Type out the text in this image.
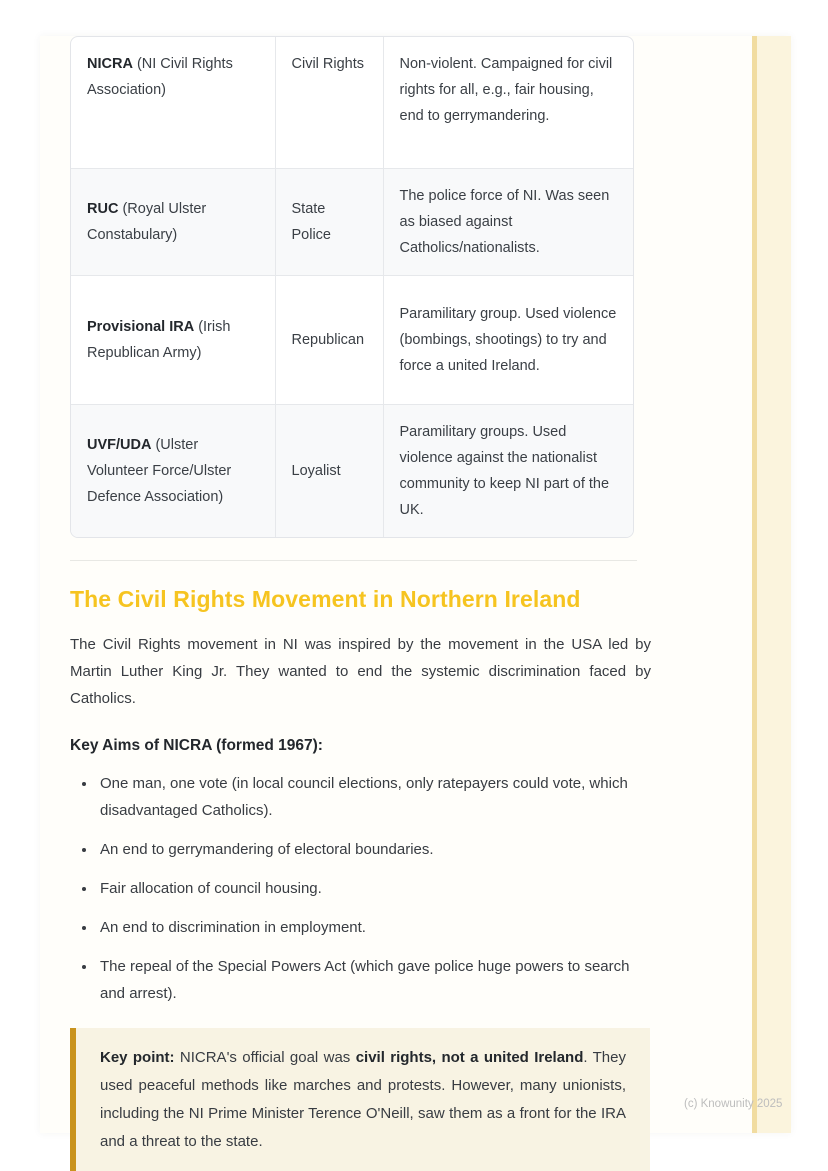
NICRA (NI Civil Rights Association)	Civil Rights	Non-violent. Campaigned for civil rights for all, e.g., fair housing, end to gerrymandering.
RUC (Royal Ulster Constabulary)	State Police	The police force of NI. Was seen as biased against Catholics/nationalists.
Provisional IRA (Irish Republican Army)	Republican	Paramilitary group. Used violence (bombings, shootings) to try and force a united Ireland.
UVF/UDA (Ulster Volunteer Force/Ulster Defence Association)	Loyalist	Paramilitary groups. Used violence against the nationalist community to keep NI part of the UK.
The Civil Rights Movement in Northern Ireland

The Civil Rights movement in NI was inspired by the movement in the USA led by Martin Luther King Jr. They wanted to end the systemic discrimination faced by Catholics.

Key Aims of NICRA (formed 1967):
• One man, one vote (in local council elections, only ratepayers could vote, which disadvantaged Catholics).
• An end to gerrymandering of electoral boundaries.
• Fair allocation of council housing.
• An end to discrimination in employment.
• The repeal of the Special Powers Act (which gave police huge powers to search and arrest).
Key point: NICRA's official goal was civil rights, not a united Ireland. They used peaceful methods like marches and protests. However, many unionists, including the NI Prime Minister Terence O'Neill, saw them as a front for the IRA and a threat to the state.
(c) Knowunity 2025
